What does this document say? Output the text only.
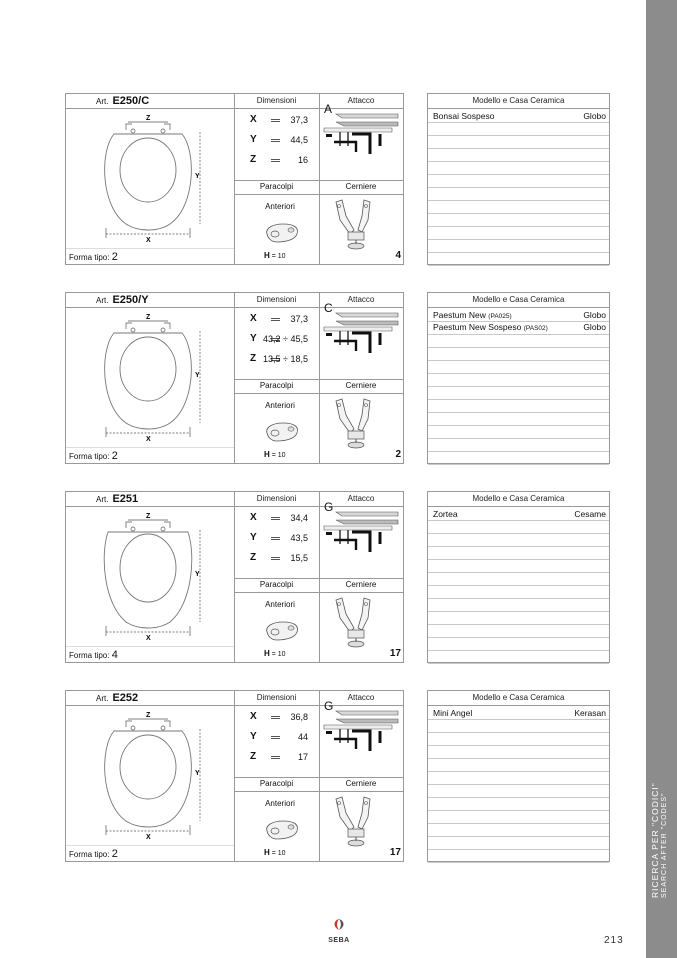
RICERCA PER "CODICI" SEARCH AFTER "CODES"
Art. E250/C	Dimensioni	Attacco
Z
Y
X
Forma tipo: 2
X	37,3
Y	44,5
Z	16
A
Paracolpi	Cerniere
Anteriori
H = 10	4
Modello e Casa Ceramica
Bonsai Sospeso	Globo
Art. E250/Y	Dimensioni	Attacco
Z
Y
X
Forma tipo: 2
X	37,3
Y 43,2 ÷ 45,5
Z 13,5 ÷ 18,5
C
Paracolpi	Cerniere
Anteriori
H = 10	2
Modello e Casa Ceramica
Paestum New (PA025)	Globo
Paestum New Sospeso (PAS02)	Globo
Art. E251	Dimensioni	Attacco
Z
Y
X
Forma tipo: 4
X	34,4
Y	43,5
Z	15,5
G
Paracolpi	Cerniere
Anteriori
H = 10	17
Modello e Casa Ceramica
Zortea	Cesame
Art. E252	Dimensioni	Attacco
Z
Y
X
Forma tipo: 2
X	36,8
Y	44
Z	17
G
Paracolpi	Cerniere
Anteriori
H = 10	17
Modello e Casa Ceramica
Mini Angel	Kerasan
SEBA	213
